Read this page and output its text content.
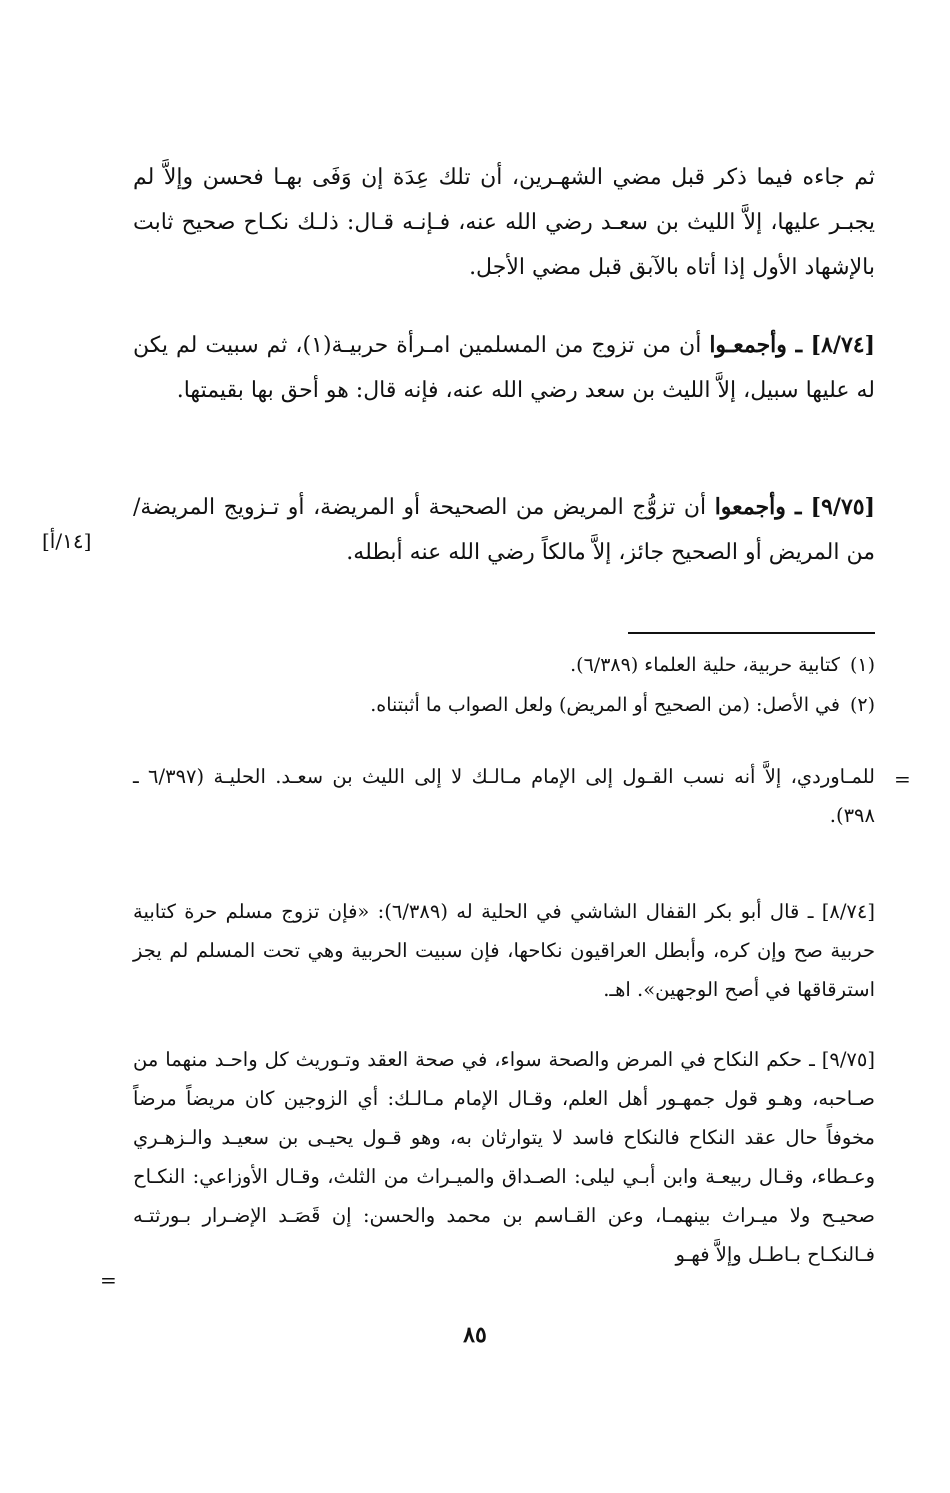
ثم جاءه فيما ذكر قبل مضي الشهـرين، أن تلك عِدَة إن وَفَى بهـا فحسن وإلاَّ لم يجبـر عليها، إلاَّ الليث بن سعـد رضي الله عنه، فـإنـه قـال: ذلـك نكـاح صحيح ثابت بالإشهاد الأول إذا أتاه بالآبق قبل مضي الأجل.

[٨/٧٤] ـ وأجمعـوا أن من تزوج من المسلمين امـرأة حربيـة(١)، ثم سبيت لم يكن له عليها سبيل، إلاَّ الليث بن سعد رضي الله عنه، فإنه قال: هو أحق بها بقيمتها.

[٩/٧٥] ـ وأجمعوا أن تزوُّج المريض من الصحيحة أو المريضة، أو تـزويج المريضة/ من المريض أو الصحيح جائز، إلاَّ مالكاً رضي الله عنه أبطله.

[١٤/أ]
(١)كتابية حربية، حلية العلماء (٦/٣٨٩).
(٢)في الأصل: (من الصحيح أو المريض) ولعل الصواب ما أثبتناه.
=

للمـاوردي، إلاَّ أنه نسب القـول إلى الإمام مـالـك لا إلى الليث بن سعـد. الحليـة (٦/٣٩٧ ـ ٣٩٨).

[٨/٧٤] ـ قال أبو بكر القفال الشاشي في الحلية له (٦/٣٨٩): «فإن تزوج مسلم حرة كتابية حربية صح وإن كره، وأبطل العراقيون نكاحها، فإن سبيت الحربية وهي تحت المسلم لم يجز استرقاقها في أصح الوجهين». اهـ.

[٩/٧٥] ـ حكم النكاح في المرض والصحة سواء، في صحة العقد وتـوريث كل واحـد منهما من صـاحبه، وهـو قول جمهـور أهل العلم، وقـال الإمام مـالـك: أي الزوجين كان مريضاً مرضاً مخوفاً حال عقد النكاح فالنكاح فاسد لا يتوارثان به، وهو قـول يحيـى بن سعيـد والـزهـري وعـطاء، وقـال ربيعـة وابن أبـي ليلى: الصـداق والميـراث من الثلث، وقـال الأوزاعي: النكـاح صحيـح ولا ميـراث بينهمـا، وعن القـاسم بن محمد والحسن: إن قَصَـد الإضـرار بـورثتـه فـالنكـاح بـاطـل وإلاَّ فهـو

=
٨٥
